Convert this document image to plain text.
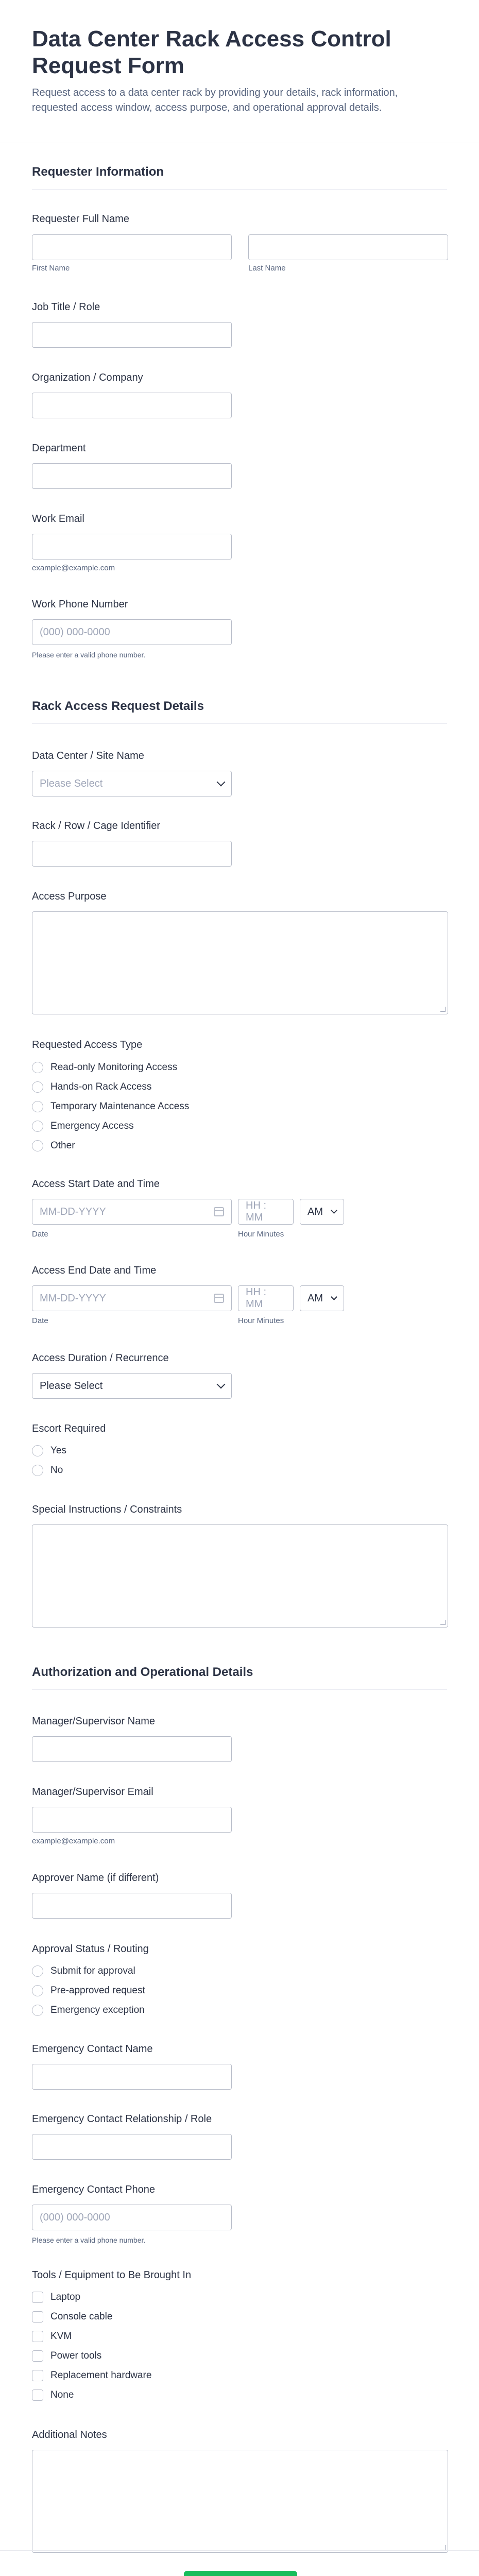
Data Center Rack Access Control Request Form
Request access to a data center rack by providing your details, rack information, requested access window, access purpose, and operational approval details.
Requester Information
Requester Full Name
First Name	Last Name
Job Title / Role
Organization / Company
Department
Work Email
example@example.com
Work Phone Number
(000) 000-0000
Please enter a valid phone number.
Rack Access Request Details
Data Center / Site Name
Please Select
Rack / Row / Cage Identifier
Access Purpose
Requested Access Type
Read-only Monitoring Access
Hands-on Rack Access
Temporary Maintenance Access
Emergency Access
Other
Access Start Date and Time
MM-DD-YYYY
Date
HH : MM
AM
Hour Minutes
Access End Date and Time
MM-DD-YYYY
Date
HH : MM
AM
Hour Minutes
Access Duration / Recurrence
Please Select
Escort Required
Yes
No
Special Instructions / Constraints
Authorization and Operational Details
Manager/Supervisor Name
Manager/Supervisor Email
example@example.com
Approver Name (if different)
Approval Status / Routing
Submit for approval
Pre-approved request
Emergency exception
Emergency Contact Name
Emergency Contact Relationship / Role
Emergency Contact Phone
(000) 000-0000
Please enter a valid phone number.
Tools / Equipment to Be Brought In
Laptop
Console cable
KVM
Power tools
Replacement hardware
None
Additional Notes
